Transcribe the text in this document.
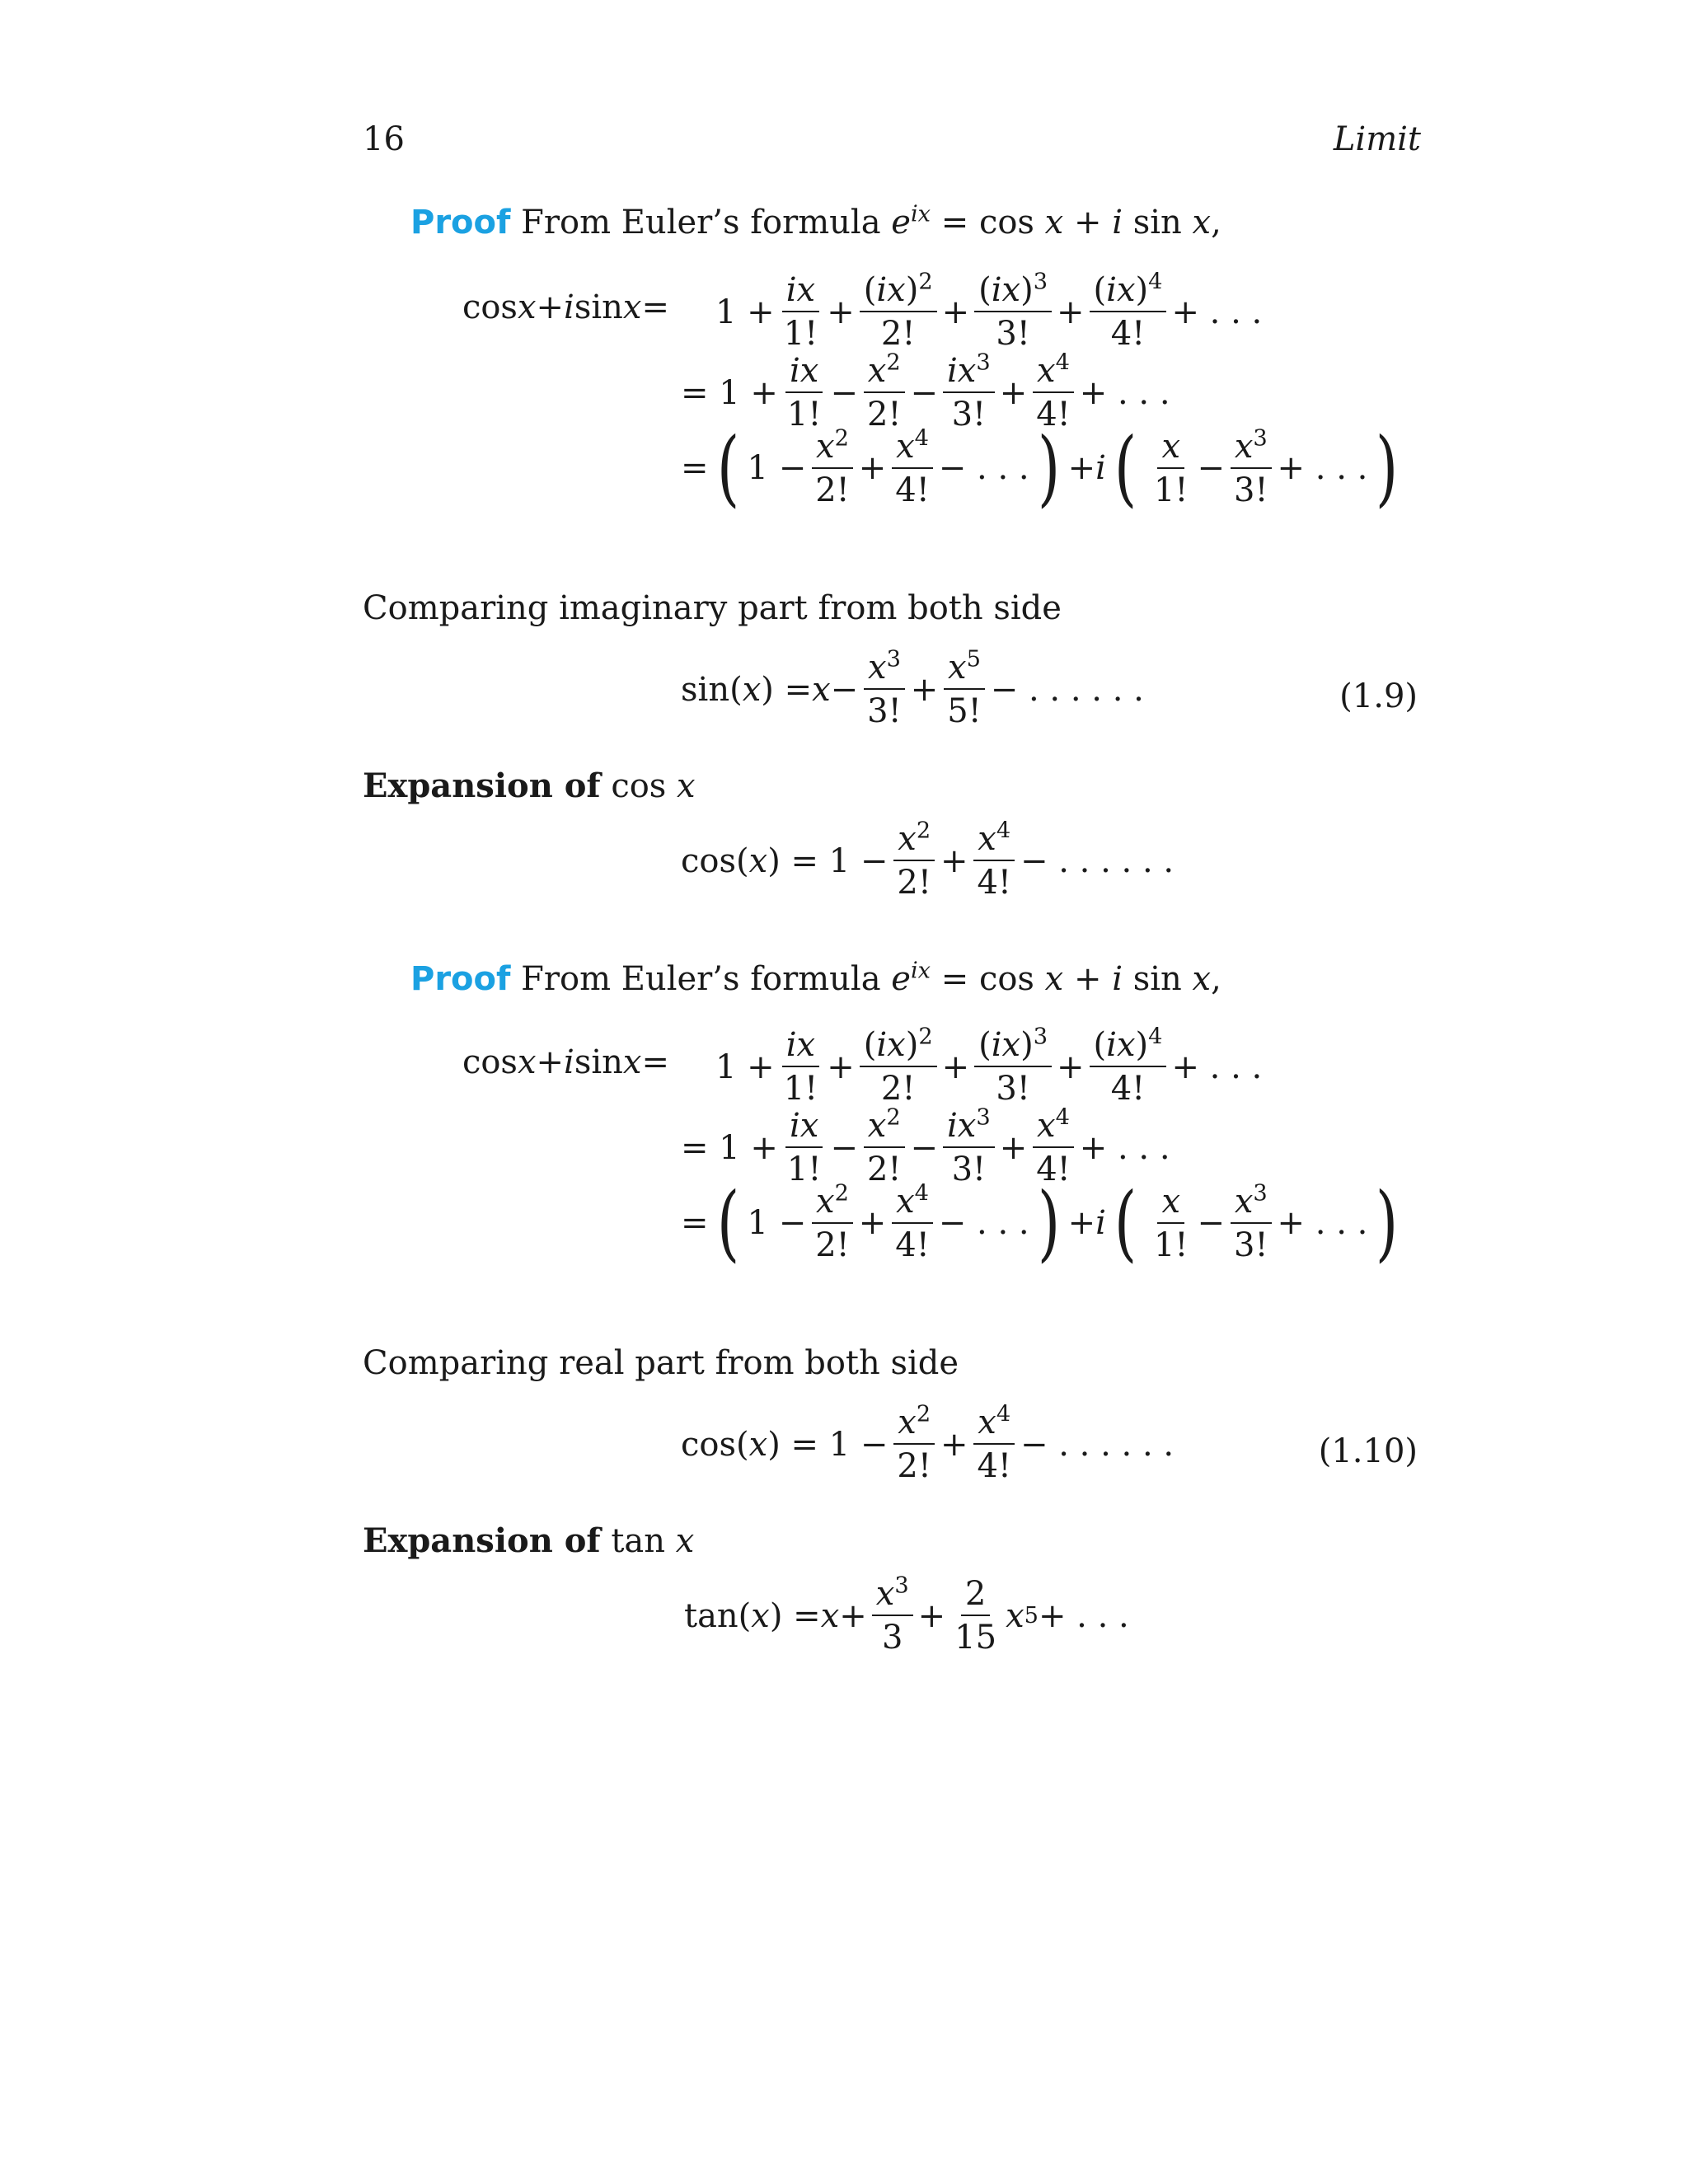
16	Limit
Proof From Euler’s formula $e^{ix} = \cos x + i$ sin x,
cos x + i $\sin x = 1 + \frac{ix}{1!} + \frac{(ix)^2}{2!} + \frac{(ix)^3}{3!} + \frac{(ix)^4}{4!}$ + . . .
= $1 + \frac{ix}{1!} - \frac{x^2}{2!} - \frac{ix^3}{3!} + \frac{x^4}{4!}$ + . . .
= ( $1 - \frac{x^2}{2!} + \frac{x^4}{4!}$ − . . . ) + i ( $\frac{x}{1!} - \frac{x^3}{3!}$ + . . . )
Comparing imaginary part from both side
sin( x ) = $x - \frac{x^3}{3!} + \frac{x^5}{5!}$ − . . . . . .	(1.9)
Expansion of cos x
cos( x ) = $1 - \frac{x^2}{2!} + \frac{x^4}{4!}$ − . . . . . .
Proof From Euler’s formula $e^{ix} = \cos x + i$ sin x,
cos x + i $\sin x = 1 + \frac{ix}{1!} + \frac{(ix)^2}{2!} + \frac{(ix)^3}{3!} + \frac{(ix)^4}{4!}$ + . . .
= $1 + \frac{ix}{1!} - \frac{x^2}{2!} - \frac{ix^3}{3!} + \frac{x^4}{4!}$ + . . .
= ( $1 - \frac{x^2}{2!} + \frac{x^4}{4!}$ − . . . ) + i ( $\frac{x}{1!} - \frac{x^3}{3!}$ + . . . )
Comparing real part from both side
cos( x ) = $1 - \frac{x^2}{2!} + \frac{x^4}{4!}$ − . . . . . .	(1.10)
Expansion of tan x
tan( x ) = $x + \frac{x^3}{3} + \frac{2}{15}$ x 5 + . . .
